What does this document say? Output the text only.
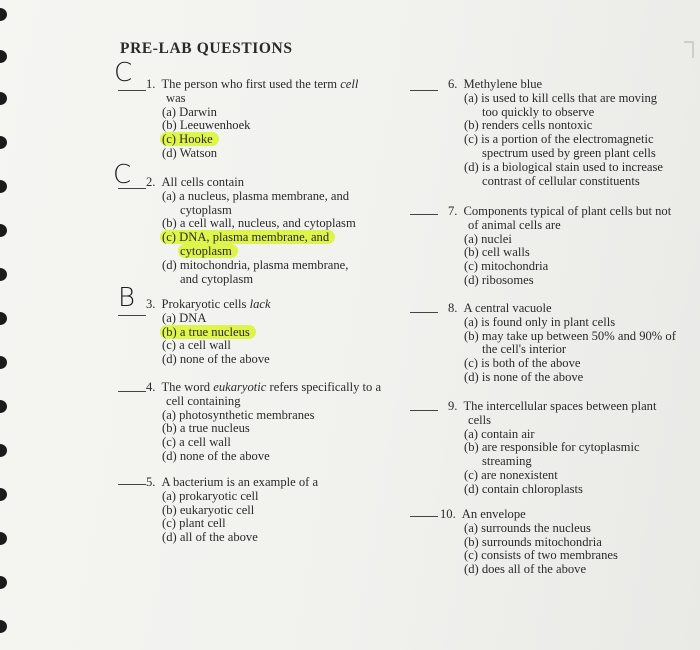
PRE-LAB QUESTIONS
C
C
B
1. The person who first used the term cell
was
(a) Darwin
(b) Leeuwenhoek
(c) Hooke
(d) Watson
2. All cells contain
(a) a nucleus, plasma membrane, and
cytoplasm
(b) a cell wall, nucleus, and cytoplasm
(c) DNA, plasma membrane, and
cytoplasm
(d) mitochondria, plasma membrane,
and cytoplasm
3. Prokaryotic cells lack
(a) DNA
(b) a true nucleus
(c) a cell wall
(d) none of the above
4. The word eukaryotic refers specifically to a
cell containing
(a) photosynthetic membranes
(b) a true nucleus
(c) a cell wall
(d) none of the above
5. A bacterium is an example of a
(a) prokaryotic cell
(b) eukaryotic cell
(c) plant cell
(d) all of the above
6. Methylene blue
(a) is used to kill cells that are moving
too quickly to observe
(b) renders cells nontoxic
(c) is a portion of the electromagnetic
spectrum used by green plant cells
(d) is a biological stain used to increase
contrast of cellular constituents
7. Components typical of plant cells but not
of animal cells are
(a) nuclei
(b) cell walls
(c) mitochondria
(d) ribosomes
8. A central vacuole
(a) is found only in plant cells
(b) may take up between 50% and 90% of
the cell's interior
(c) is both of the above
(d) is none of the above
9. The intercellular spaces between plant
cells
(a) contain air
(b) are responsible for cytoplasmic
streaming
(c) are nonexistent
(d) contain chloroplasts
10. An envelope
(a) surrounds the nucleus
(b) surrounds mitochondria
(c) consists of two membranes
(d) does all of the above
